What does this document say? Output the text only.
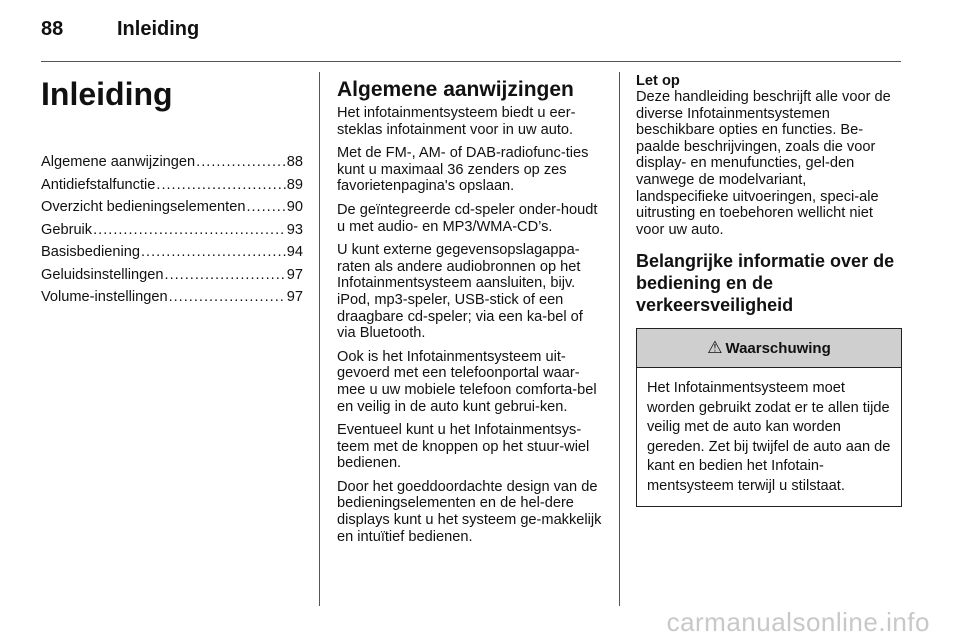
88	Inleiding
Inleiding
Algemene aanwijzingen .....	88
Antidiefstalfunctie .....	89
Overzicht bedieningselementen .....	90
Gebruik .....	93
Basisbediening .....	94
Geluidsinstellingen .....	97
Volume-instellingen .....	97
Algemene aanwijzingen

Het infotainmentsysteem biedt u eer-steklas infotainment voor in uw auto.

Met de FM-, AM- of DAB-radiofunc-ties kunt u maximaal 36 zenders op zes favorietenpagina's opslaan.

De geïntegreerde cd-speler onder-houdt u met audio- en MP3/WMA-CD’s.

U kunt externe gegevensopslagappa-raten als andere audiobronnen op het Infotainmentsysteem aansluiten, bijv. iPod, mp3-speler, USB-stick of een draagbare cd-speler; via een ka-bel of via Bluetooth.

Ook is het Infotainmentsysteem uit-gevoerd met een telefoonportal waar-mee u uw mobiele telefoon comforta-bel en veilig in de auto kunt gebrui-ken.

Eventueel kunt u het Infotainmentsys-teem met de knoppen op het stuur-wiel bedienen.

Door het goeddoordachte design van de bedieningselementen en de hel-dere displays kunt u het systeem ge-makkelijk en intuïtief bedienen.

Let op

Deze handleiding beschrijft alle voor de diverse Infotainmentsystemen beschikbare opties en functies. Be-paalde beschrijvingen, zoals die voor display- en menufuncties, gel-den vanwege de modelvariant, landspecifieke uitvoeringen, speci-ale uitrusting en toebehoren wellicht niet voor uw auto.

Belangrijke informatie over de bediening en de verkeersveiligheid
⚠ Waarschuwing
Het Infotainmentsysteem moet worden gebruikt zodat er te allen tijde veilig met de auto kan worden gereden. Zet bij twijfel de auto aan de kant en bedien het Infotain-mentsysteem terwijl u stilstaat.
carmanualsonline.info
